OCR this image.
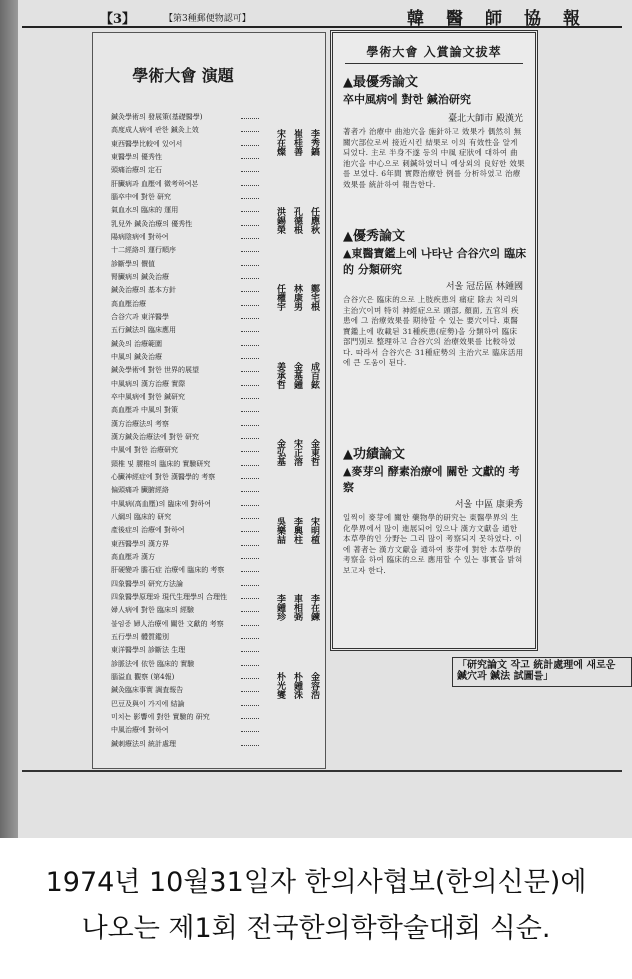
【3】	【第3種郵便物認可】	韓醫師協報
學術大會 演題
鍼灸學術의 發展策(基礎醫學)
高度成人病에 관한 鍼灸上效
東西醫學比較에 있어서
東醫學의 優秀性
頭痛治療의 定石
肝臟病과 血壓에 微考하여본
腦卒中에 對한 研究
氣血水의 臨床的 運用
乳兒外 鍼灸治療의 優秀性
陽病陰病에 對하여
十二經絡의 運行順序
診斷學의 價值
腎臟病의 鍼灸治療
鍼灸治療의 基本方針
高血壓治療
合谷穴과 東洋醫學
五行鍼法의 臨床應用
鍼灸의 治療範圍
中風의 鍼灸治療
鍼灸學術에 對한 世界的展望
中風病의 漢方治療 實際
卒中風病에 對한 鍼研究
高血壓과 中風의 對策
漢方治療法의 考察
漢方鍼灸治療法에 對한 研究
中風에 對한 治療研究
頸椎 및 腰椎의 臨床的 實驗研究
心臟神經症에 對한 漢醫學的 考察
偏頭痛과 臟腑經絡
中風病(高血壓)의 臨床에 對하여
八綱의 臨床的 研究
產後症의 治療에 對하여
東西醫學의 漢方界
高血壓과 漢方
肝硬變과 膽石症 治療에 臨床的 考察
四象醫學의 研究方法論
四象醫學原理와 現代生理學의 合理性
婦人病에 對한 臨床의 經驗
불임증 婦人治療에 關한 文獻的 考察
五行學의 體質鑑別
東洋醫學의 診斷法 生理
診脈法에 依한 臨床的 實驗
腦溢血 觀察 (第4報)
鍼灸臨床事實 調査報告
巴豆及與이 가지에 結論
미치는 影響에 對한 實驗的 研究
中風治療에 對하여
鍼刺療法의 統計處理
李秀鎬
任應秋
鄭宅根
成百鉉
金東哲
宋明植
李在鍊
金容浩
崔桂善
孔德根
林康男
金基鍾
宋正溶
李興柱
車相弼
朴鍾洙
宋在燦
洪錫榮
任權宇
姜承哲
金弘基
吳樂喆
李鍾珍
朴光燮
學術大會 入賞論文拔萃
▲最優秀論文
卒中風病에 對한 鍼治研究
臺北大師市 殿漢光
著者가 治療中 曲池穴을 施針하고 效果가 偶然히 無關穴部位로써 接近시킨 結果로 이의 有效性을 알게 되었다. 主로 半身不遂 등의 中風 症狀에 대하여 曲池穴을 中心으로 刺鍼하였더니 예상외의 良好한 效果를 보였다. 6年間 實際治療한 例를 分析하였고 治療效果를 統計하여 報告한다.
▲優秀論文
▲東醫寶鑑上에 나타난 合谷穴의 臨床的 分類研究
서울 冠岳區 林鍾國
合谷穴은 臨床的으로 上肢疾患의 痛症 除去 처리의 主治穴이며 特히 神經症으로 頭部, 顏面, 五官의 疾患에 그 治療效果를 期待할 수 있는 要穴이다. 東醫寶鑑上에 收載된 31種疾患(症勢)을 分類하여 臨床部門別로 整理하고 合谷穴의 治療效果를 比較하였다. 따라서 合谷穴은 31種症勢의 主治穴로 臨床活用에 큰 도움이 된다.
▲功績論文
▲麥芽의 酵素治療에 關한 文獻的 考察
서울 中區 康秉秀
일찍이 麥芽에 關한 藥物學的研究는 東醫學界의 生化學界에서 많이 進展되어 있으나 漢方文獻을 通한 本草學的인 分野는 그리 많이 考察되지 못하였다. 이에 著者는 漢方文獻을 通하여 麥芽에 對한 本草學的 考察을 하여 臨床的으로 應用할 수 있는 事實을 밝혀 보고자 한다.
「研究論文 작고 統計處理에 새로운 鍼穴과 鍼法 試圖를」
1974년 10월31일자 한의사협보(한의신문)에
나오는 제1회 전국한의학학술대회 식순.
